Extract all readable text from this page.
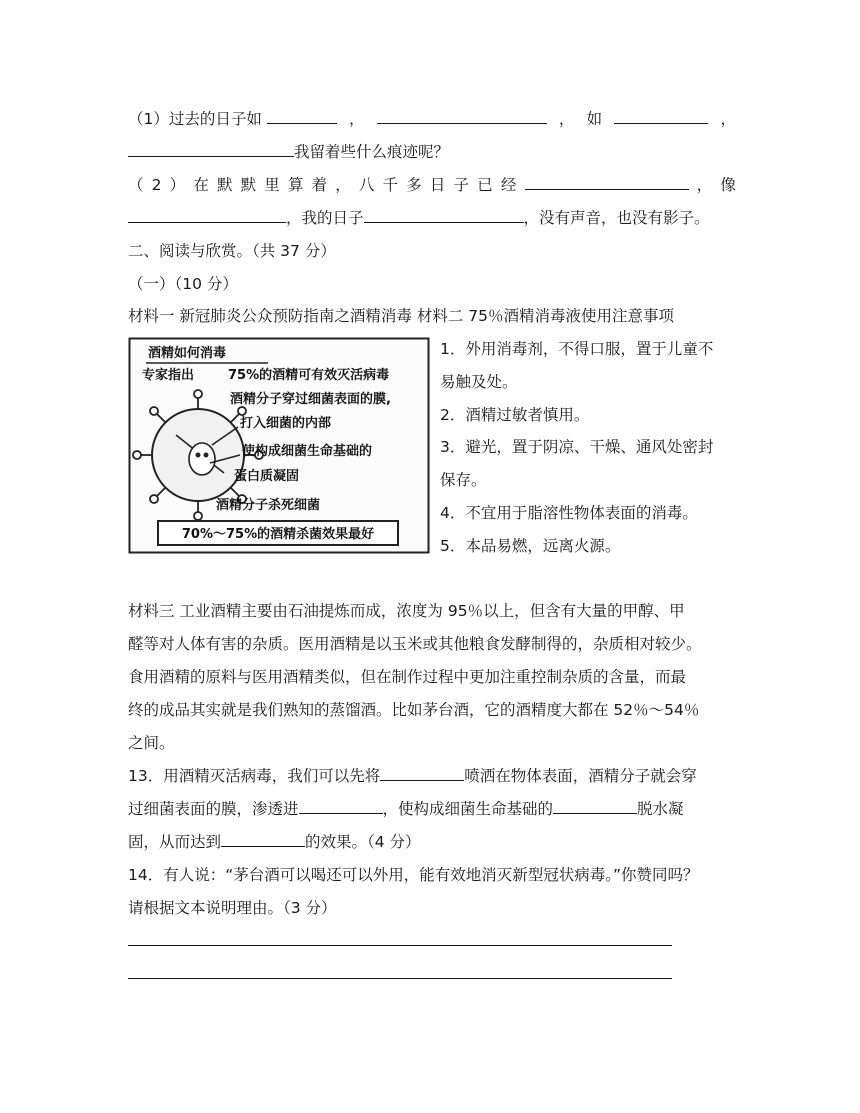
（1）过去的日子如	，	， 如	，
我留着些什么痕迹呢？
（ 2 ） 在 默 默 里 算 着 ， 八 千 多 日 子 已 经	， 像
，我的日子	，没有声音，也没有影子。
二、阅读与欣赏。（共 37 分）
（一）（10 分）
材料一 新冠肺炎公众预防指南之酒精消毒 材料二 75％酒精消毒液使用注意事项
酒精如何消毒
专家指出	75%的酒精可有效灭活病毒
酒精分子穿过细菌表面的膜,
打入细菌的内部
使构成细菌生命基础的
蛋白质凝固
酒精分子杀死细菌
70%～75%的酒精杀菌效果最好
1．外用消毒剂，不得口服，置于儿童不
易触及处。
2．酒精过敏者慎用。
3．避光，置于阴凉、干燥、通风处密封
保存。
4．不宜用于脂溶性物体表面的消毒。
5．本品易燃，远离火源。
材料三 工业酒精主要由石油提炼而成，浓度为 95％以上，但含有大量的甲醇、甲
醛等对人体有害的杂质。医用酒精是以玉米或其他粮食发酵制得的，杂质相对较少。
食用酒精的原料与医用酒精类似，但在制作过程中更加注重控制杂质的含量，而最
终的成品其实就是我们熟知的蒸馏酒。比如茅台酒，它的酒精度大都在 52％～54％
之间。
13．用酒精灭活病毒，我们可以先将	喷洒在物体表面，酒精分子就会穿
过细菌表面的膜，渗透进	，使构成细菌生命基础的	脱水凝
固，从而达到	的效果。（4 分）
14．有人说：“茅台酒可以喝还可以外用，能有效地消灭新型冠状病毒。”你赞同吗？
请根据文本说明理由。（3 分）
